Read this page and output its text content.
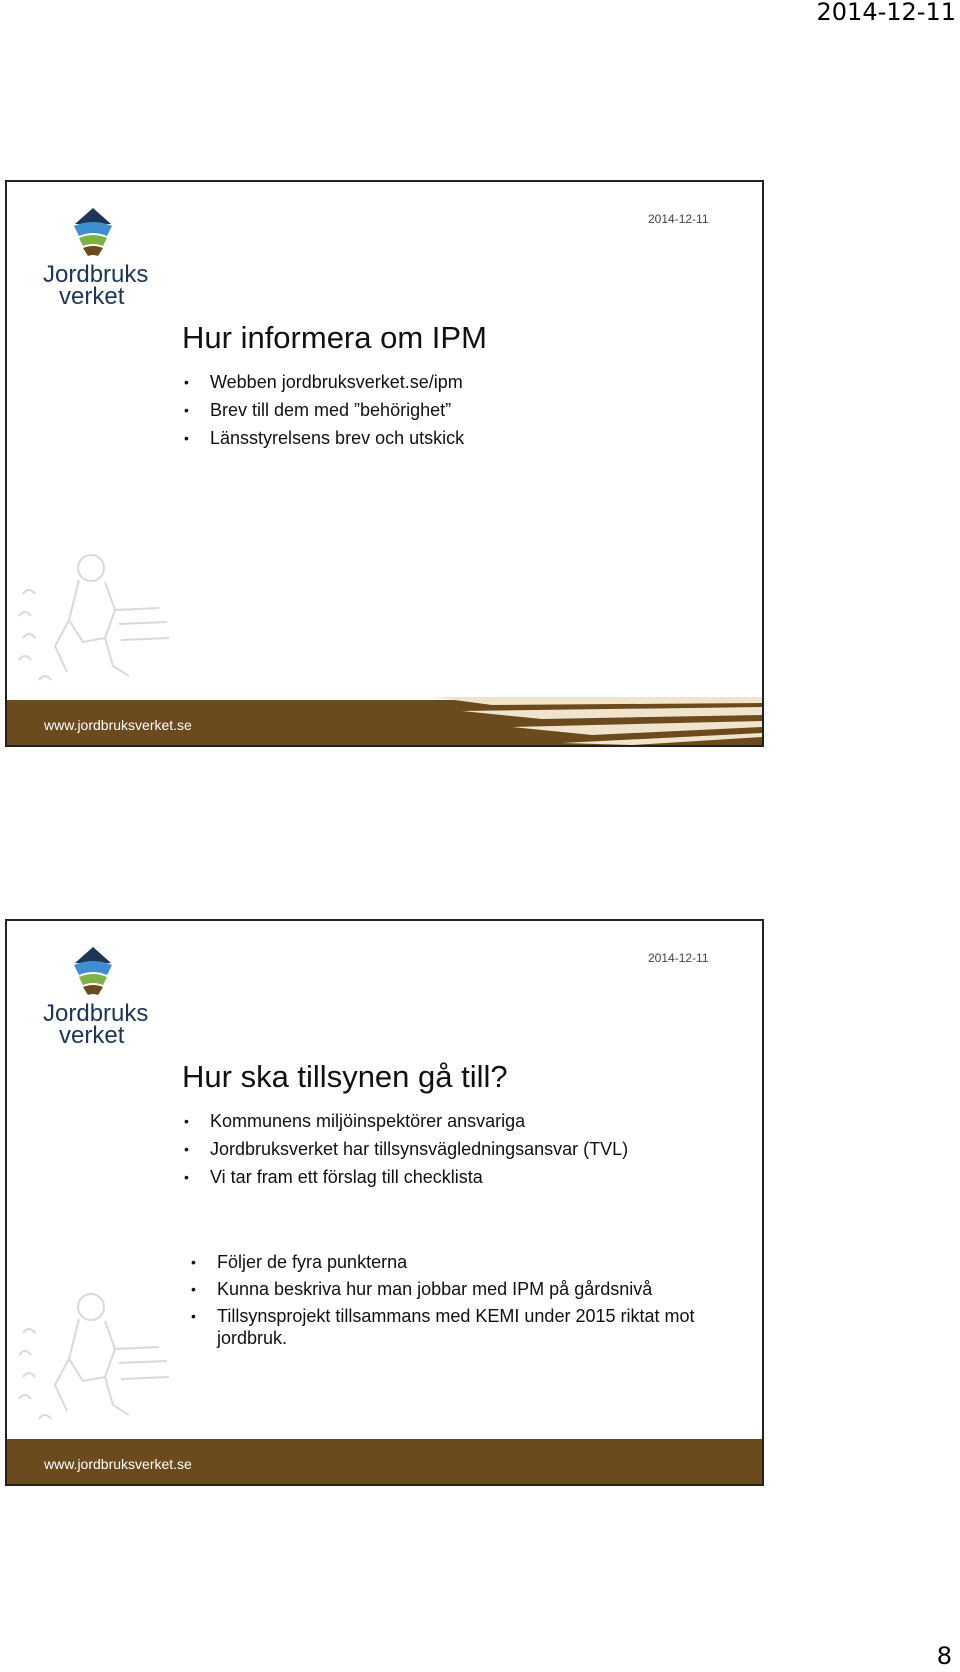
2014-12-11
Jordbruks
verket
2014-12-11
Hur informera om IPM
• Webben jordbruksverket.se/ipm
• Brev till dem med ”behörighet”
• Länsstyrelsens brev och utskick
www.jordbruksverket.se
Jordbruks
verket
2014-12-11
Hur ska tillsynen gå till?
• Kommunens miljöinspektörer ansvariga
• Jordbruksverket har tillsynsvägledningsansvar (TVL)
• Vi tar fram ett förslag till checklista
• Följer de fyra punkterna
• Kunna beskriva hur man jobbar med IPM på gårdsnivå
• Tillsynsprojekt tillsammans med KEMI under 2015 riktat mot jordbruk.
www.jordbruksverket.se
8
